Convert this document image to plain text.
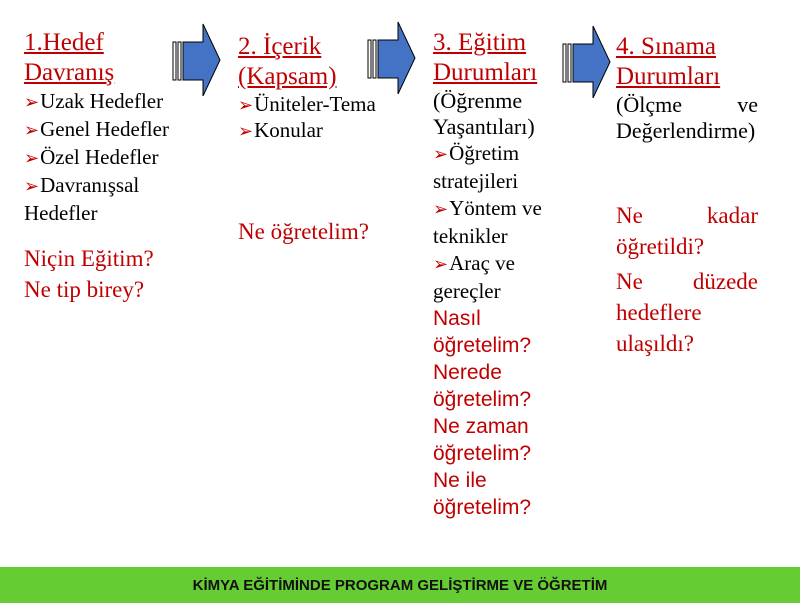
1.Hedef Davranış
➢Uzak Hedefler
➢Genel Hedefler
➢Özel Hedefler
➢Davranışsal Hedefler
Niçin Eğitim?
Ne tip birey?
2. İçerik (Kapsam)
➢Üniteler-Tema
➢Konular
Ne öğretelim?
3. Eğitim Durumları
(Öğrenme Yaşantıları)
➢Öğretim stratejileri
➢Yöntem ve teknikler
➢Araç ve gereçler
Nasıl öğretelim?
Nerede öğretelim?
Ne zaman öğretelim?
Ne ile öğretelim?
4. Sınama Durumları
(Ölçme ve Değerlendirme)
Ne kadar öğretildi?
Ne düzede hedeflere ulaşıldı?
KİMYA EĞİTİMİNDE PROGRAM GELİŞTİRME VE ÖĞRETİM
